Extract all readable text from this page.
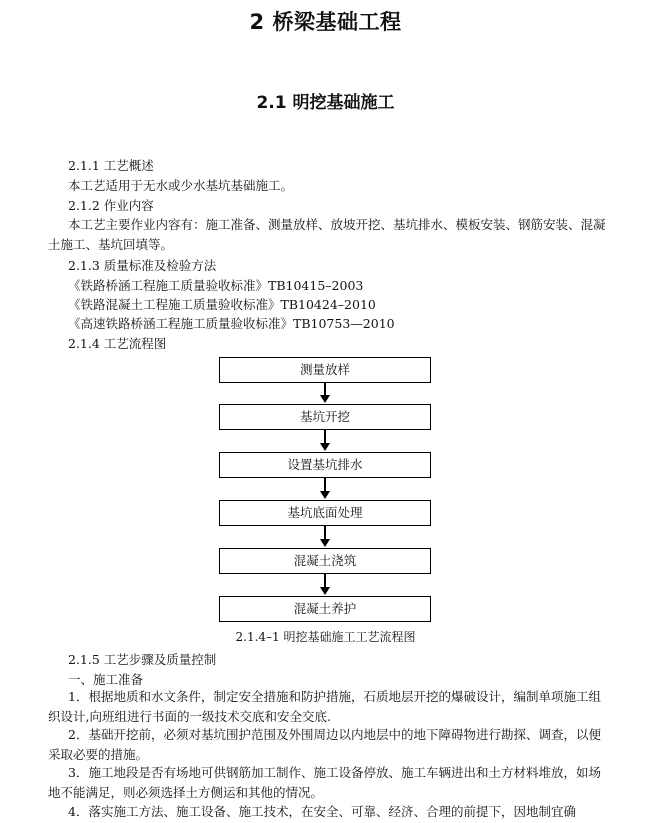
2 桥梁基础工程
2.1 明挖基础施工
2.1.1 工艺概述
本工艺适用于无水或少水基坑基础施工。
2.1.2 作业内容
本工艺主要作业内容有：施工准备、测量放样、放坡开挖、基坑排水、模板安装、钢筋安装、混凝土施工、基坑回填等。
2.1.3 质量标准及检验方法
《铁路桥涵工程施工质量验收标准》TB10415–2003
《铁路混凝土工程施工质量验收标准》TB10424–2010
《高速铁路桥涵工程施工质量验收标准》TB10753—2010
2.1.4 工艺流程图
测量放样
基坑开挖
设置基坑排水
基坑底面处理
混凝土浇筑
混凝土养护
2.1.4–1 明挖基础施工工艺流程图
2.1.5 工艺步骤及质量控制
一、施工准备
1．根据地质和水文条件，制定安全措施和防护措施，石质地层开挖的爆破设计，编制单项施工组织设计,向班组进行书面的一级技术交底和安全交底.
2．基础开挖前，必须对基坑围护范围及外围周边以内地层中的地下障碍物进行勘探、调查，以便采取必要的措施。
3．施工地段是否有场地可供钢筋加工制作、施工设备停放、施工车辆进出和土方材料堆放，如场地不能满足，则必须选择土方侧运和其他的情况。
4．落实施工方法、施工设备、施工技术，在安全、可靠、经济、合理的前提下，因地制宜确
